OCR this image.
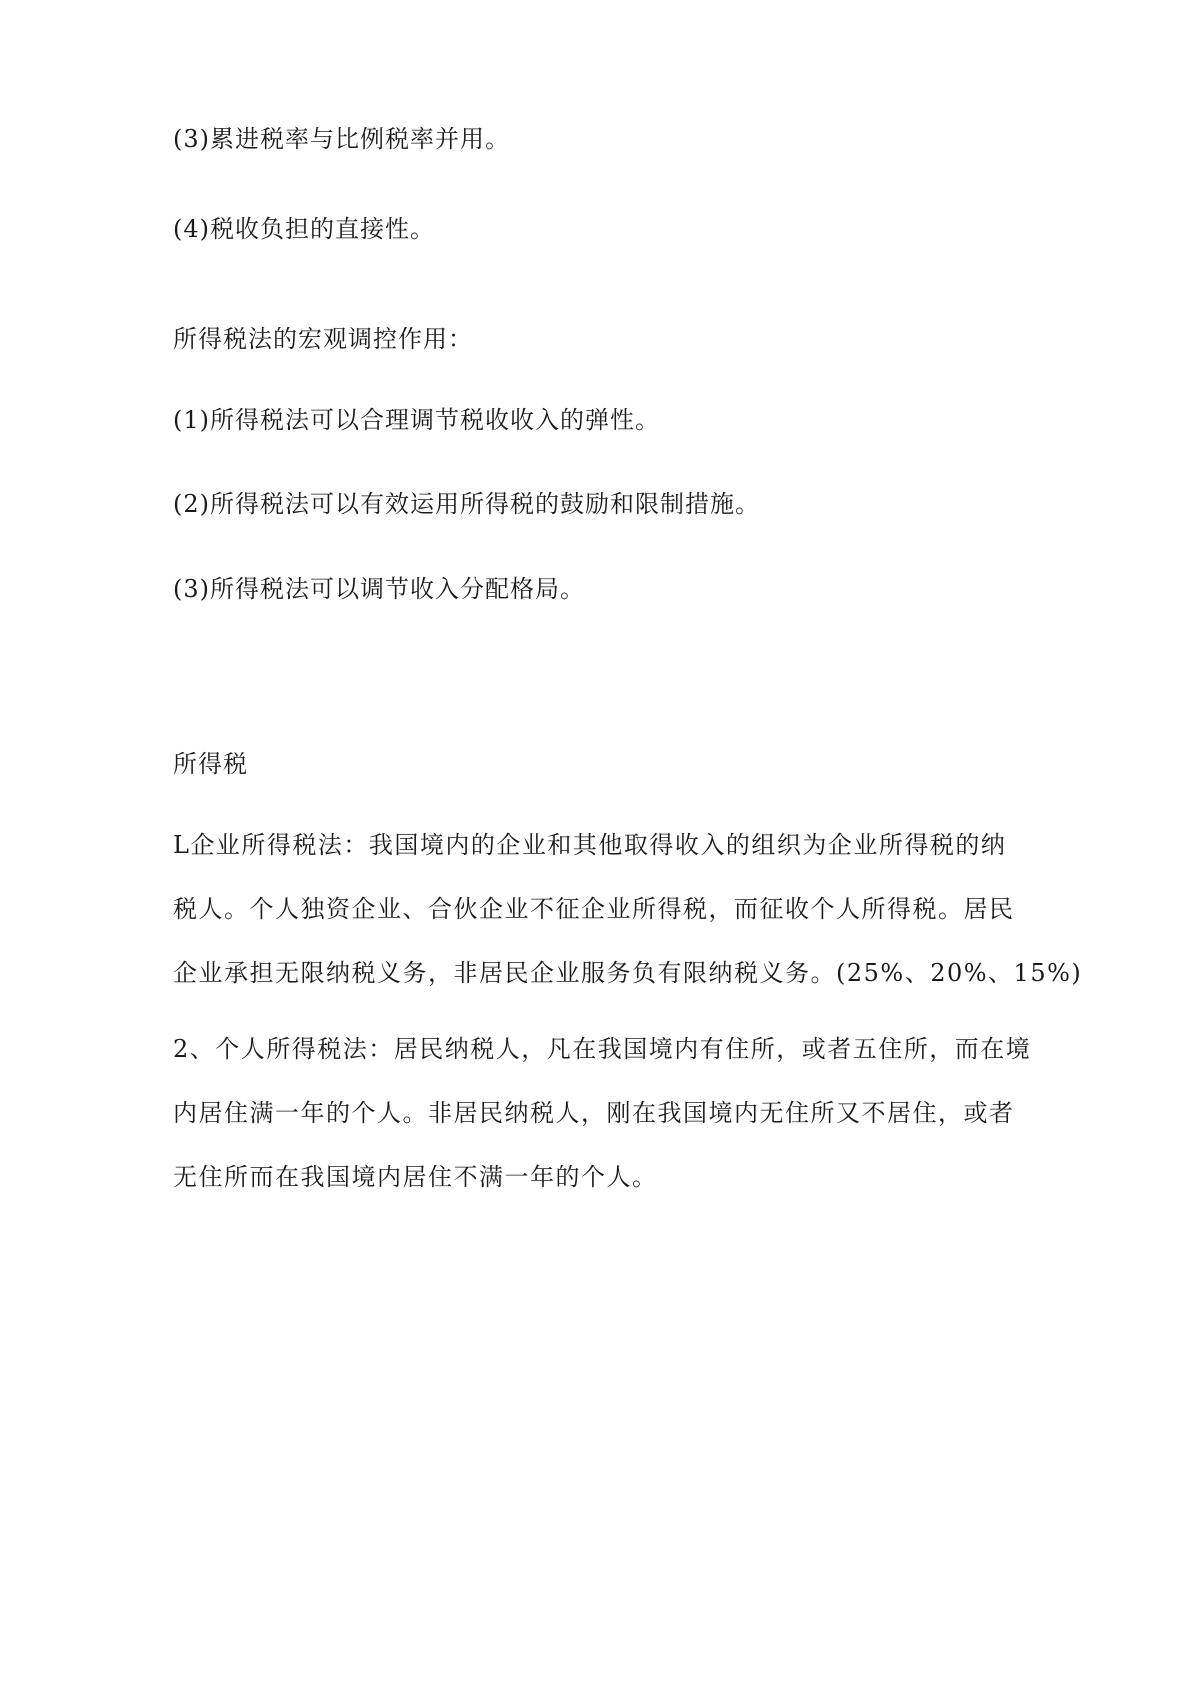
(3)累进税率与比例税率并用。
(4)税收负担的直接性。
所得税法的宏观调控作用：
(1)所得税法可以合理调节税收收入的弹性。
(2)所得税法可以有效运用所得税的鼓励和限制措施。
(3)所得税法可以调节收入分配格局。
所得税
L企业所得税法：我国境内的企业和其他取得收入的组织为企业所得税的纳
税人。个人独资企业、合伙企业不征企业所得税，而征收个人所得税。居民
企业承担无限纳税义务，非居民企业服务负有限纳税义务。(25%、20%、15%)
2、个人所得税法：居民纳税人，凡在我国境内有住所，或者五住所，而在境
内居住满一年的个人。非居民纳税人，刚在我国境内无住所又不居住，或者
无住所而在我国境内居住不满一年的个人。
